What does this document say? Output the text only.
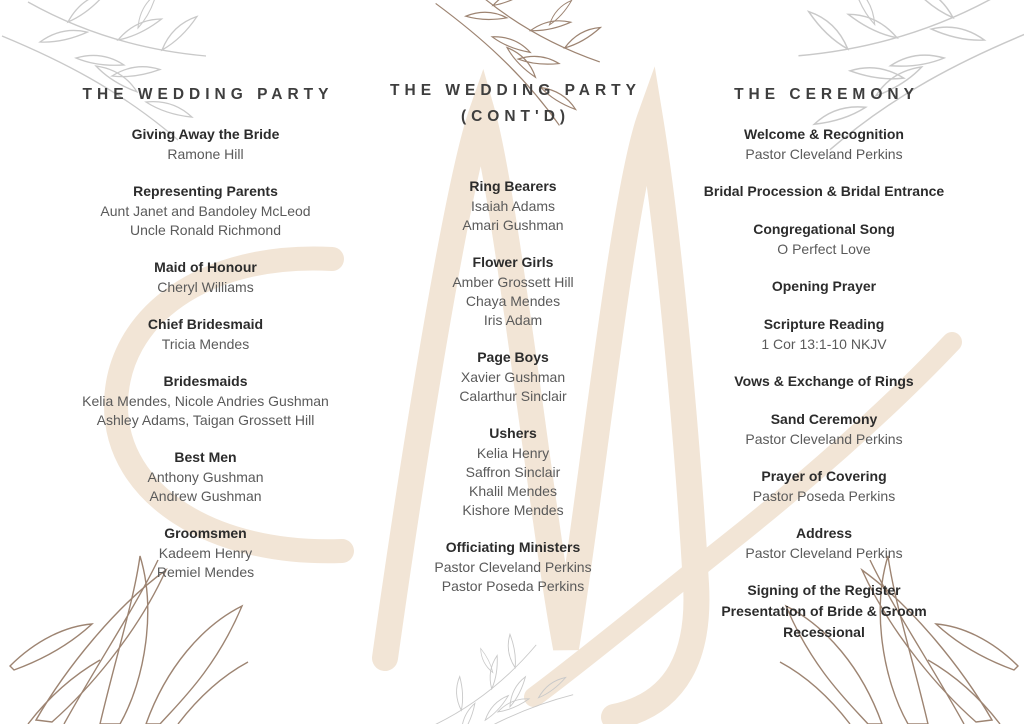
THE WEDDING PARTY
Giving Away the Bride
Ramone Hill
Representing Parents
Aunt Janet and Bandoley McLeod
Uncle Ronald Richmond
Maid of Honour
Cheryl Williams
Chief Bridesmaid
Tricia Mendes
Bridesmaids
Kelia Mendes, Nicole Andries Gushman
Ashley Adams, Taigan Grossett Hill
Best Men
Anthony Gushman
Andrew Gushman
Groomsmen
Kadeem Henry
Remiel Mendes
THE WEDDING PARTY
(CONT'D)
Ring Bearers
Isaiah Adams
Amari Gushman
Flower Girls
Amber Grossett Hill
Chaya Mendes
Iris Adam
Page Boys
Xavier Gushman
Calarthur Sinclair
Ushers
Kelia Henry
Saffron Sinclair
Khalil Mendes
Kishore Mendes
Officiating Ministers
Pastor Cleveland Perkins
Pastor Poseda Perkins
THE CEREMONY
Welcome & Recognition
Pastor Cleveland Perkins
Bridal Procession & Bridal Entrance
Congregational Song
O Perfect Love
Opening Prayer
Scripture Reading
1 Cor 13:1-10 NKJV
Vows & Exchange of Rings
Sand Ceremony
Pastor Cleveland Perkins
Prayer of Covering
Pastor Poseda Perkins
Address
Pastor Cleveland Perkins
Signing of the Register
Presentation of Bride & Groom
Recessional
